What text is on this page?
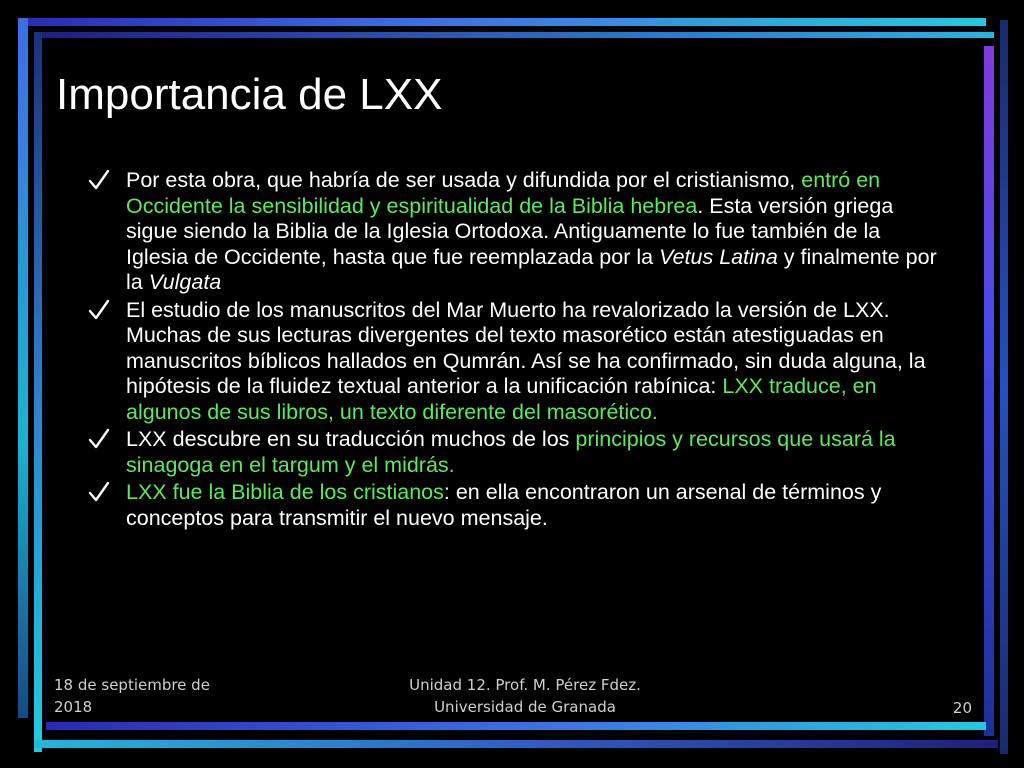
Importancia de LXX
Por esta obra, que habría de ser usada y difundida por el cristianismo, entró en Occidente la sensibilidad y espiritualidad de la Biblia hebrea. Esta versión griega sigue siendo la Biblia de la Iglesia Ortodoxa. Antiguamente lo fue también de la Iglesia de Occidente, hasta que fue reemplazada por la Vetus Latina y finalmente por la Vulgata
El estudio de los manuscritos del Mar Muerto ha revalorizado la versión de LXX. Muchas de sus lecturas divergentes del texto masorético están atestiguadas en manuscritos bíblicos hallados en Qumrán. Así se ha confirmado, sin duda alguna, la hipótesis de la fluidez textual anterior a la unificación rabínica: LXX traduce, en algunos de sus libros, un texto diferente del masorético.
LXX descubre en su traducción muchos de los principios y recursos que usará la sinagoga en el targum y el midrás.
LXX fue la Biblia de los cristianos: en ella encontraron un arsenal de términos y conceptos para transmitir el nuevo mensaje.
18 de septiembre de
2018
Unidad 12. Prof. M. Pérez Fdez.
Universidad de Granada	20
